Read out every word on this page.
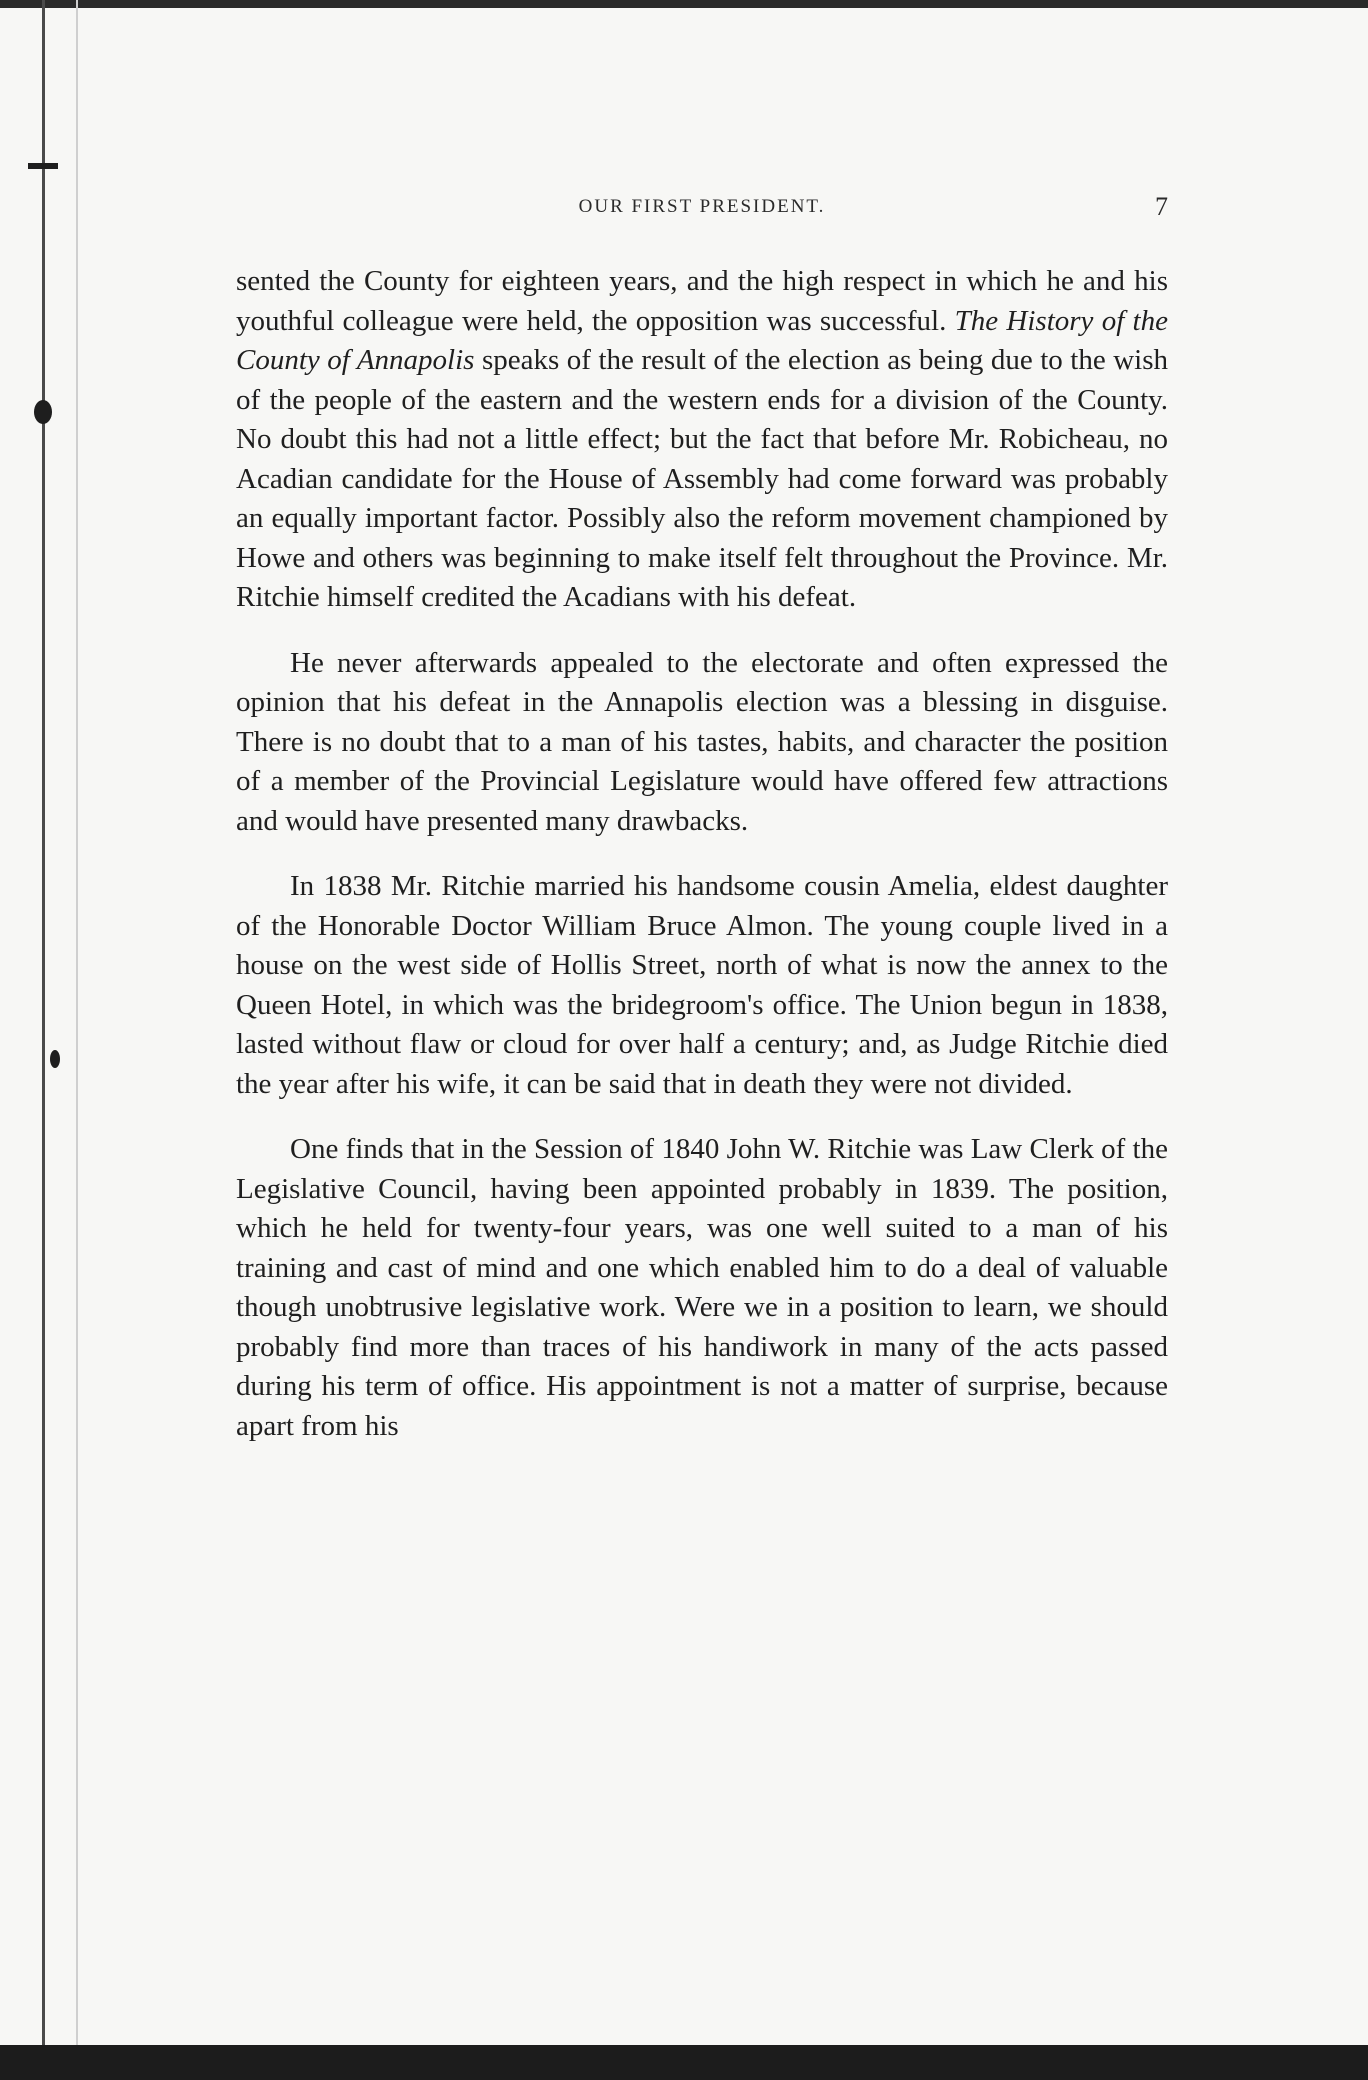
OUR FIRST PRESIDENT.	7

sented the County for eighteen years, and the high respect in which he and his youthful colleague were held, the opposition was successful. The History of the County of Annapolis speaks of the result of the election as being due to the wish of the people of the eastern and the western ends for a division of the County. No doubt this had not a little effect; but the fact that before Mr. Robicheau, no Acadian candidate for the House of Assembly had come forward was probably an equally important factor. Possibly also the reform movement championed by Howe and others was beginning to make itself felt throughout the Province. Mr. Ritchie himself credited the Acadians with his defeat.

He never afterwards appealed to the electorate and often expressed the opinion that his defeat in the Annapolis election was a blessing in disguise. There is no doubt that to a man of his tastes, habits, and character the position of a member of the Provincial Legislature would have offered few attractions and would have presented many drawbacks.

In 1838 Mr. Ritchie married his handsome cousin Amelia, eldest daughter of the Honorable Doctor William Bruce Almon. The young couple lived in a house on the west side of Hollis Street, north of what is now the annex to the Queen Hotel, in which was the bridegroom's office. The Union begun in 1838, lasted without flaw or cloud for over half a century; and, as Judge Ritchie died the year after his wife, it can be said that in death they were not divided.

One finds that in the Session of 1840 John W. Ritchie was Law Clerk of the Legislative Council, having been appointed probably in 1839. The position, which he held for twenty-four years, was one well suited to a man of his training and cast of mind and one which enabled him to do a deal of valuable though unobtrusive legislative work. Were we in a position to learn, we should probably find more than traces of his handiwork in many of the acts passed during his term of office. His appointment is not a matter of surprise, because apart from his
